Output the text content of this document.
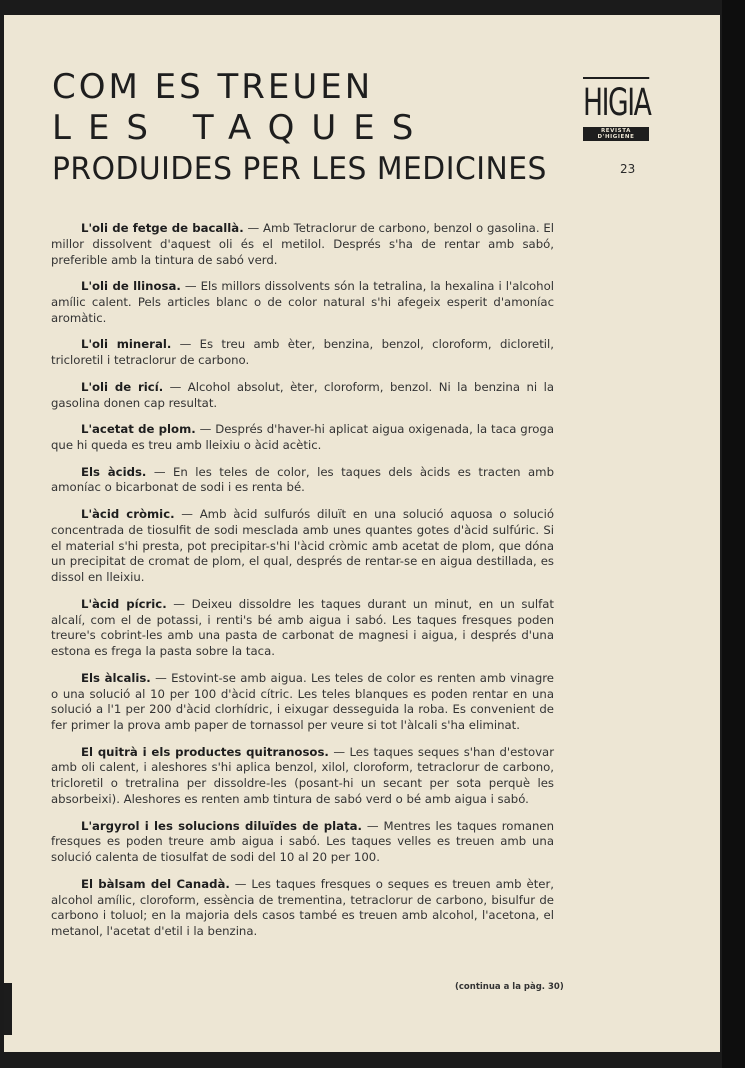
COM ES TREUEN
LES TAQUES
PRODUIDES PER LES MEDICINES
HIGIA
REVISTA D'HIGIENE
23

L'oli de fetge de bacallà. — Amb Tetraclorur de carbono, benzol o gasolina. El millor dissolvent d'aquest oli és el metilol. Després s'ha de rentar amb sabó, preferible amb la tintura de sabó verd.

L'oli de llinosa. — Els millors dissolvents són la tetralina, la hexalina i l'alcohol amílic calent. Pels articles blanc o de color natural s'hi afegeix esperit d'amoníac aromàtic.

L'oli mineral. — Es treu amb èter, benzina, benzol, cloroform, dicloretil, tricloretil i tetraclorur de carbono.

L'oli de ricí. — Alcohol absolut, èter, cloroform, benzol. Ni la benzina ni la gasolina donen cap resultat.

L'acetat de plom. — Després d'haver-hi aplicat aigua oxigenada, la taca groga que hi queda es treu amb lleixiu o àcid acètic.

Els àcids. — En les teles de color, les taques dels àcids es tracten amb amoníac o bicarbonat de sodi i es renta bé.

L'àcid cròmic. — Amb àcid sulfurós diluït en una solució aquosa o solució concentrada de tiosulfit de sodi mesclada amb unes quantes gotes d'àcid sulfúric. Si el material s'hi presta, pot precipitar-s'hi l'àcid cròmic amb acetat de plom, que dóna un precipitat de cromat de plom, el qual, després de rentar-se en aigua destillada, es dissol en lleixiu.

L'àcid pícric. — Deixeu dissoldre les taques durant un minut, en un sulfat alcalí, com el de potassi, i renti's bé amb aigua i sabó. Les taques fresques poden treure's cobrint-les amb una pasta de carbonat de magnesi i aigua, i després d'una estona es frega la pasta sobre la taca.

Els àlcalis. — Estovint-se amb aigua. Les teles de color es renten amb vinagre o una solució al 10 per 100 d'àcid cítric. Les teles blanques es poden rentar en una solució a l'1 per 200 d'àcid clorhídric, i eixugar desseguida la roba. Es convenient de fer primer la prova amb paper de tornassol per veure si tot l'àlcali s'ha eliminat.

El quitrà i els productes quitranosos. — Les taques seques s'han d'estovar amb oli calent, i aleshores s'hi aplica benzol, xilol, cloroform, tetraclorur de carbono, tricloretil o tretralina per dissoldre-les (posant-hi un secant per sota perquè les absorbeixi). Aleshores es renten amb tintura de sabó verd o bé amb aigua i sabó.

L'argyrol i les solucions diluïdes de plata. — Mentres les taques romanen fresques es poden treure amb aigua i sabó. Les taques velles es treuen amb una solució calenta de tiosulfat de sodi del 10 al 20 per 100.

El bàlsam del Canadà. — Les taques fresques o seques es treuen amb èter, alcohol amílic, cloroform, essència de trementina, tetraclorur de carbono, bisulfur de carbono i toluol; en la majoria dels casos també es treuen amb alcohol, l'acetona, el metanol, l'acetat d'etil i la benzina.

(continua a la pàg. 30)
